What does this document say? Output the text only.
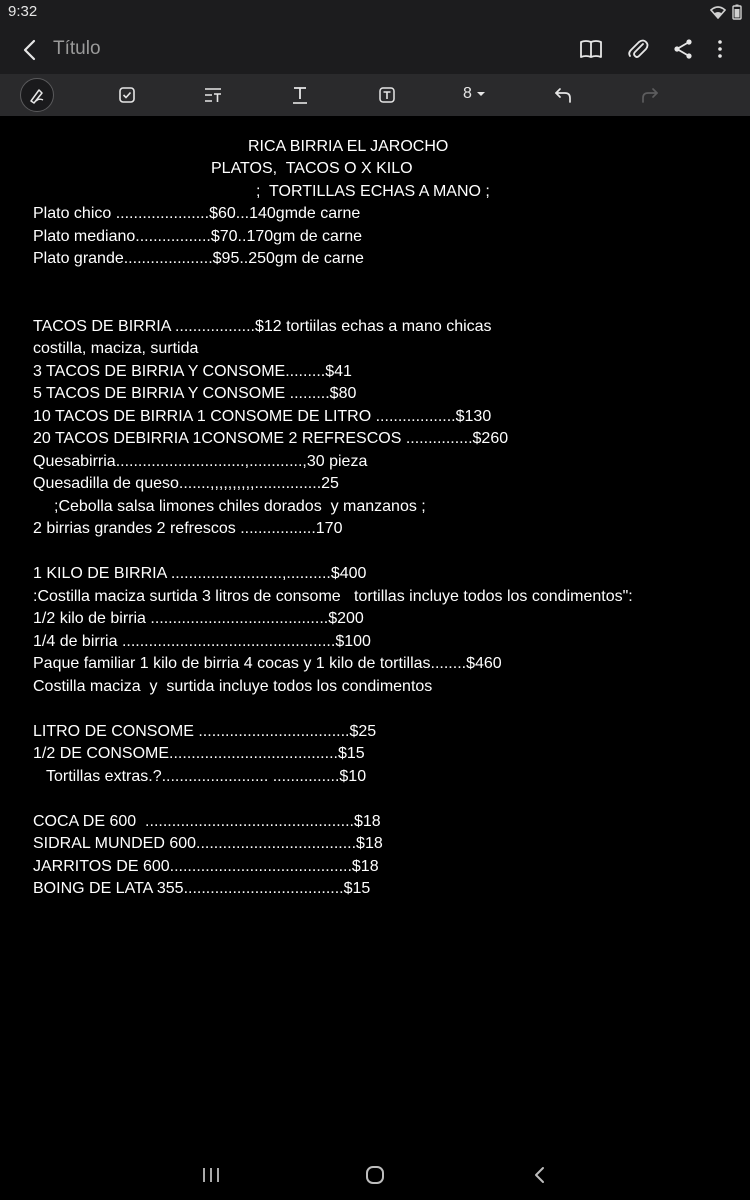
9:32
Título
8
RICA BIRRIA EL JAROCHO
PLATOS,  TACOS O X KILO
;  TORTILLAS ECHAS A MANO ;
Plato chico .....................$60...140gmde carne
Plato mediano.................$70..170gm de carne
Plato grande....................$95..250gm de carne
TACOS DE BIRRIA ..................$12 tortiilas echas a mano chicas
costilla, maciza, surtida
3 TACOS DE BIRRIA Y CONSOME.........$41
5 TACOS DE BIRRIA Y CONSOME .........$80
10 TACOS DE BIRRIA 1 CONSOME DE LITRO ..................$130
20 TACOS DEBIRRIA 1CONSOME 2 REFRESCOS ...............$260
Quesabirria.............................,............,30 pieza
Quesadilla de queso.......,,,,,,,,,,...............25
;Cebolla salsa limones chiles dorados  y manzanos ;
2 birrias grandes 2 refrescos .................170
1 KILO DE BIRRIA .........................,..........$400
:Costilla maciza surtida 3 litros de consome   tortillas incluye todos los condimentos":
1/2 kilo de birria ........................................$200
1/4 de birria ................................................$100
Paque familiar 1 kilo de birria 4 cocas y 1 kilo de tortillas........$460
Costilla maciza  y  surtida incluye todos los condimentos
LITRO DE CONSOME ..................................$25
1/2 DE CONSOME......................................$15
Tortillas extras.?........................ ...............$10
COCA DE 600  ...............................................$18
SIDRAL MUNDED 600....................................$18
JARRITOS DE 600.........................................$18
BOING DE LATA 355....................................$15
